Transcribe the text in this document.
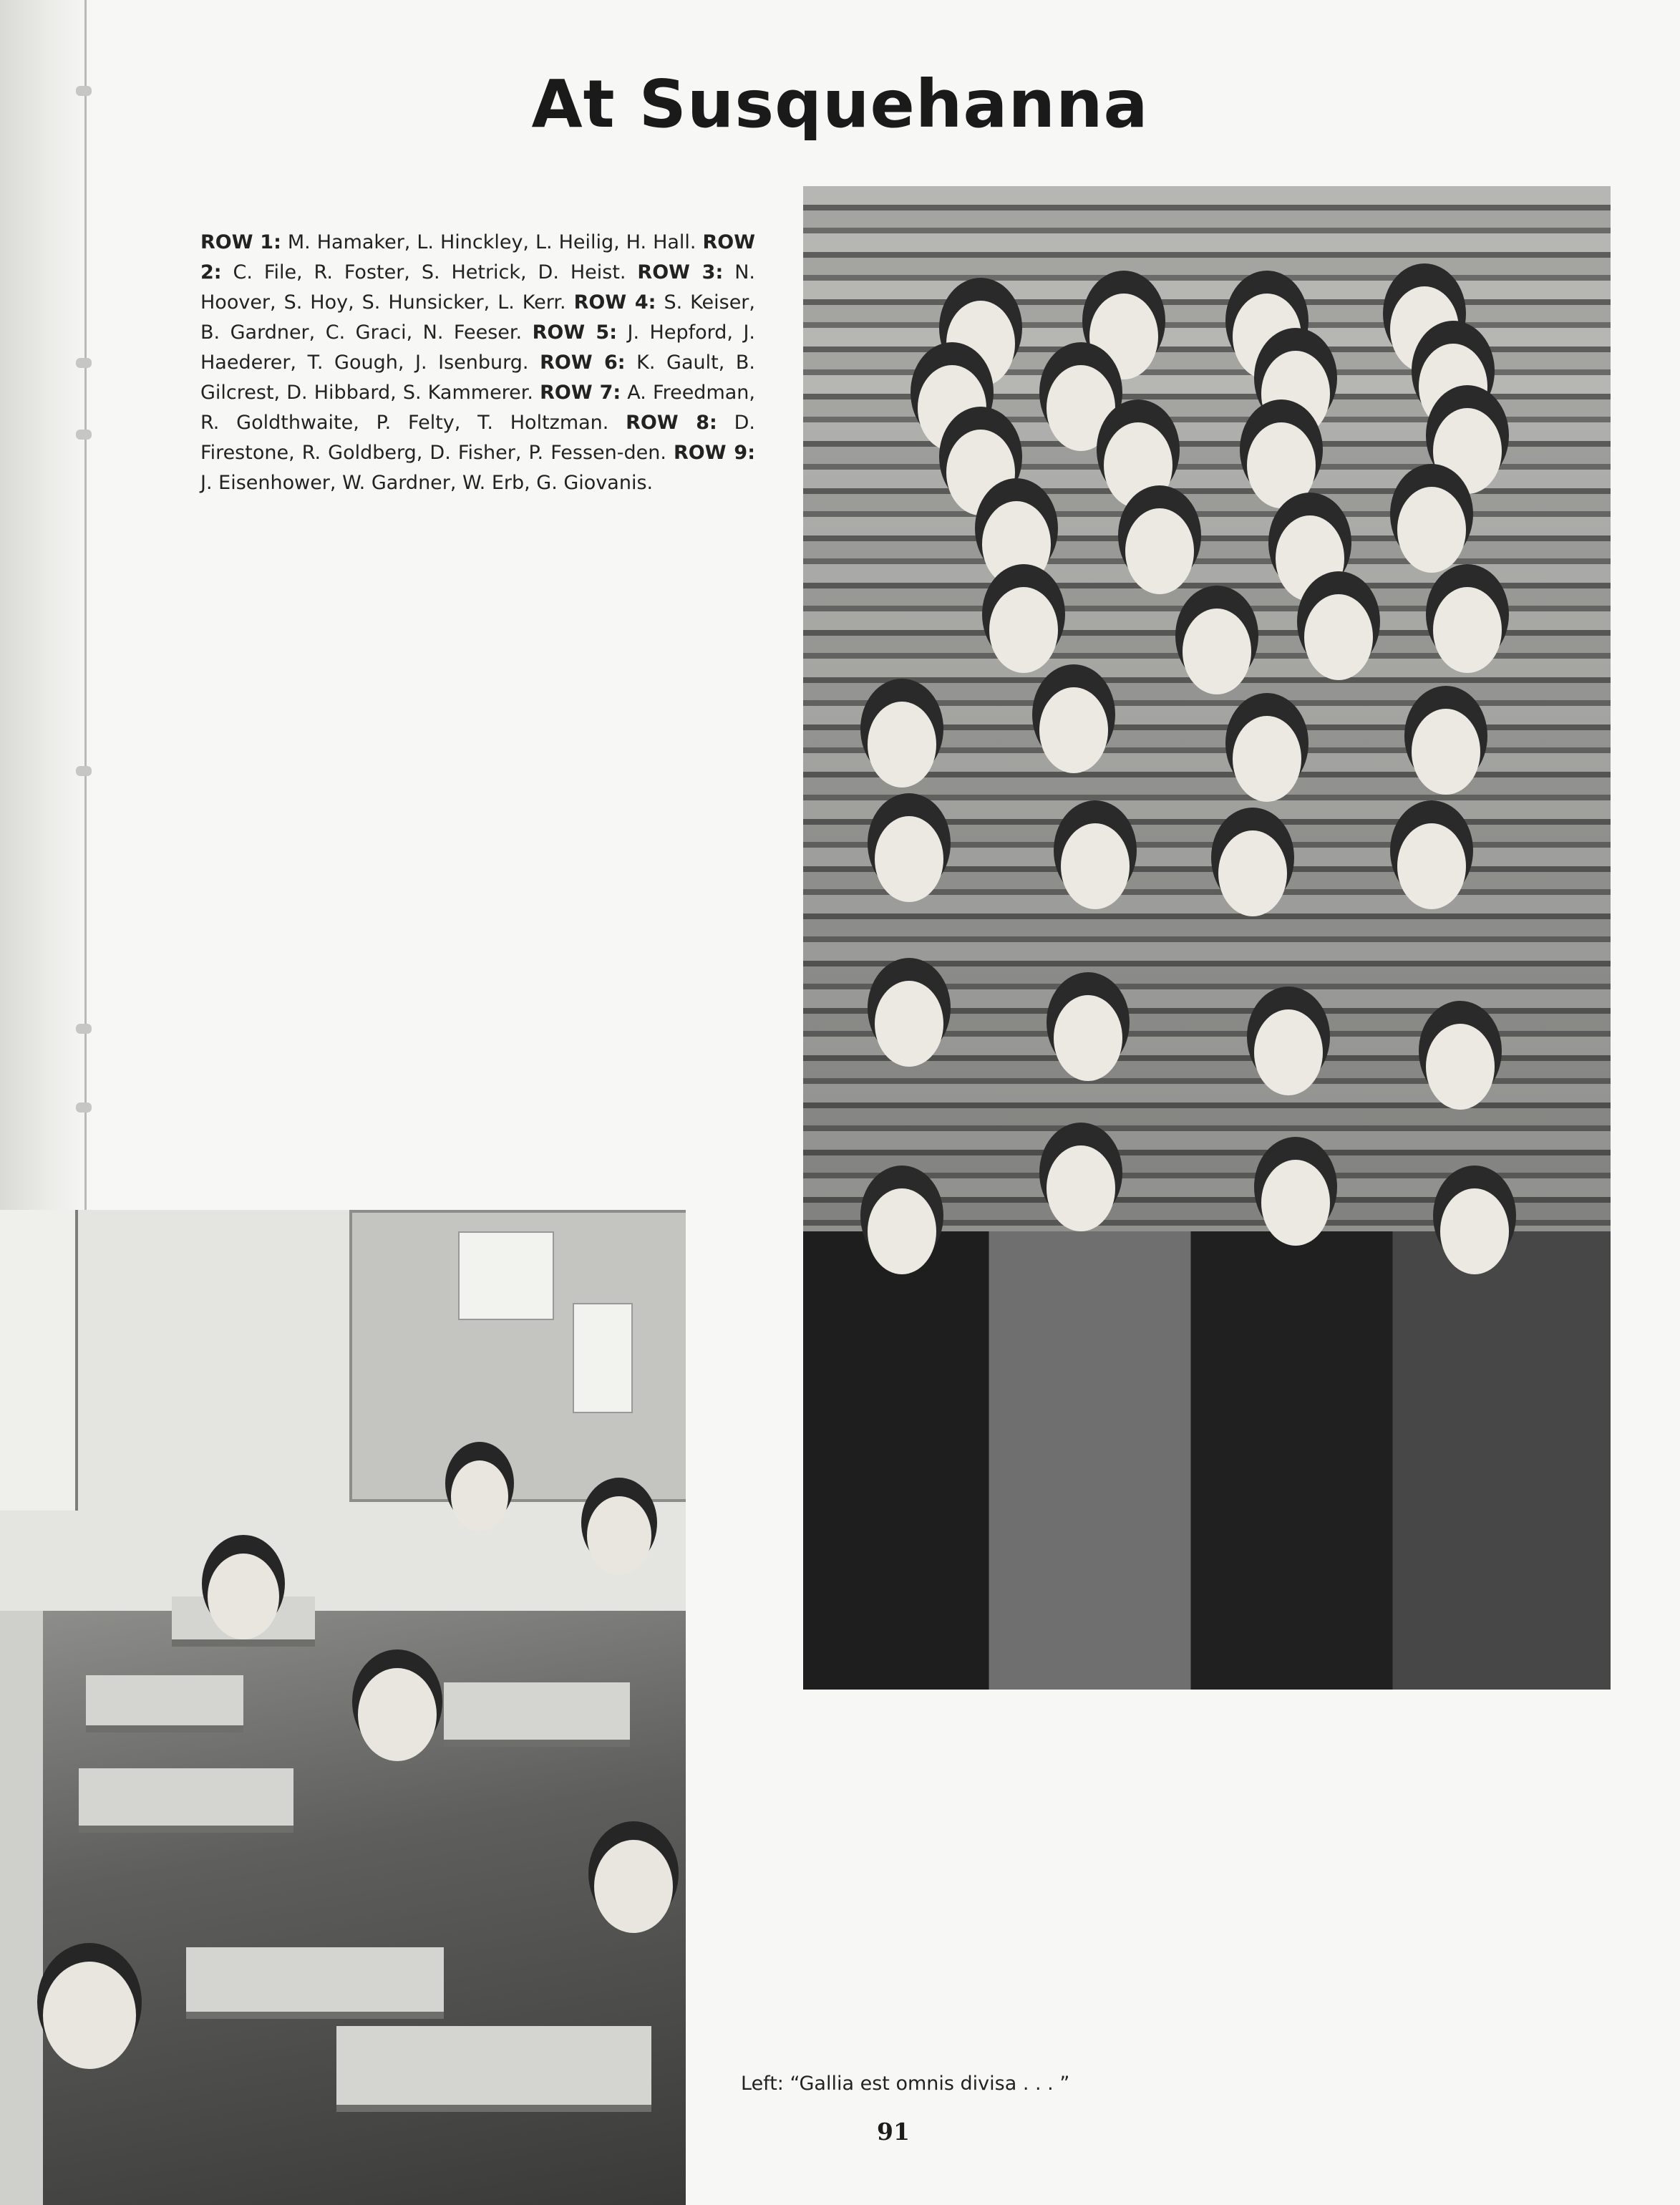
At Susquehanna

ROW 1: M. Hamaker, L. Hinckley, L. Heilig, H. Hall. ROW 2: C. File, R. Foster, S. Hetrick, D. Heist. ROW 3: N. Hoover, S. Hoy, S. Hunsicker, L. Kerr. ROW 4: S. Keiser, B. Gardner, C. Graci, N. Feeser. ROW 5: J. Hepford, J. Haederer, T. Gough, J. Isenburg. ROW 6: K. Gault, B. Gilcrest, D. Hibbard, S. Kammerer. ROW 7: A. Freedman, R. Goldthwaite, P. Felty, T. Holtzman. ROW 8: D. Firestone, R. Goldberg, D. Fisher, P. Fessen-den. ROW 9: J. Eisenhower, W. Gardner, W. Erb, G. Giovanis.

Left: “Gallia est omnis divisa . . . ”

91
